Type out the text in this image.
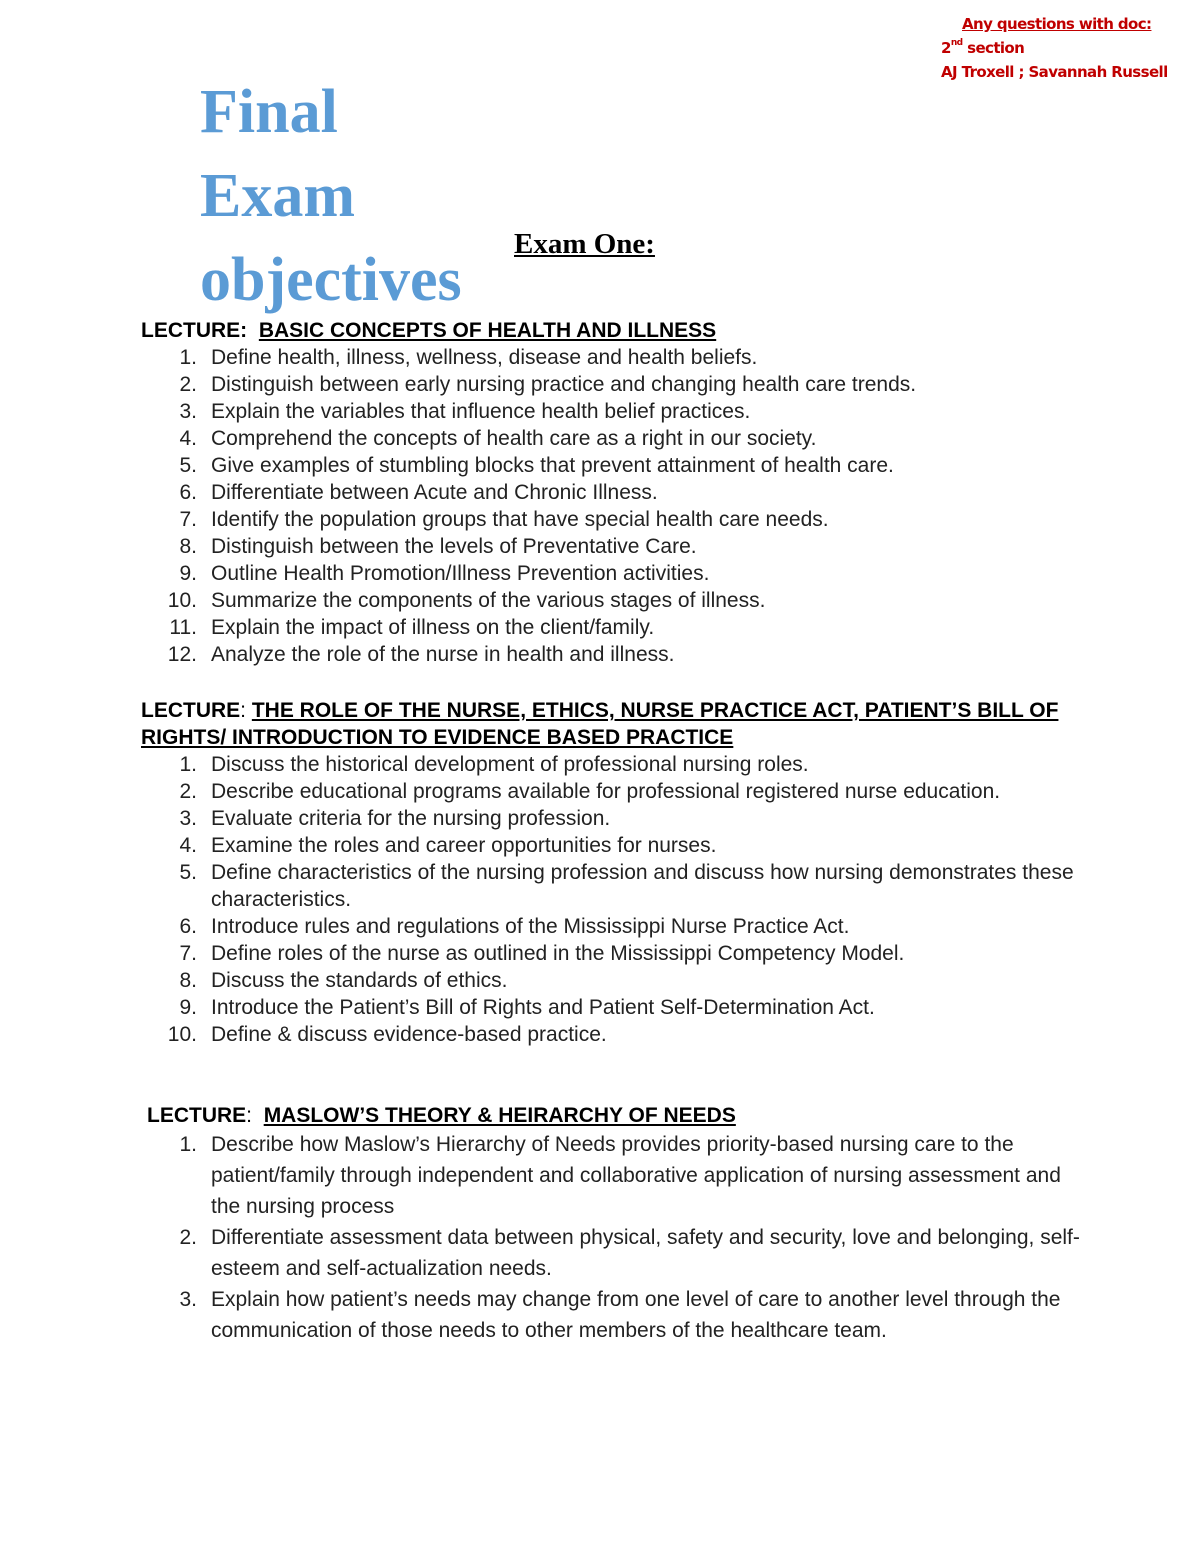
Any questions with doc:
2nd section
AJ Troxell ; Savannah Russell
Final Exam objectives
Exam One:

LECTURE: BASIC CONCEPTS OF HEALTH AND ILLNESS

1. Define health, illness, wellness, disease and health beliefs.
2. Distinguish between early nursing practice and changing health care trends.
3. Explain the variables that influence health belief practices.
4. Comprehend the concepts of health care as a right in our society.
5. Give examples of stumbling blocks that prevent attainment of health care.
6. Differentiate between Acute and Chronic Illness.
7. Identify the population groups that have special health care needs.
8. Distinguish between the levels of Preventative Care.
9. Outline Health Promotion/Illness Prevention activities.
10. Summarize the components of the various stages of illness.
11. Explain the impact of illness on the client/family.
12. Analyze the role of the nurse in health and illness.

LECTURE: THE ROLE OF THE NURSE, ETHICS, NURSE PRACTICE ACT, PATIENT’S BILL OF RIGHTS/ INTRODUCTION TO EVIDENCE BASED PRACTICE

1. Discuss the historical development of professional nursing roles.
2. Describe educational programs available for professional registered nurse education.
3. Evaluate criteria for the nursing profession.
4. Examine the roles and career opportunities for nurses.
5. Define characteristics of the nursing profession and discuss how nursing demonstrates these characteristics.
6. Introduce rules and regulations of the Mississippi Nurse Practice Act.
7. Define roles of the nurse as outlined in the Mississippi Competency Model.
8. Discuss the standards of ethics.
9. Introduce the Patient’s Bill of Rights and Patient Self-Determination Act.
10. Define & discuss evidence-based practice.

LECTURE:  MASLOW’S THEORY & HEIRARCHY OF NEEDS

1. Describe how Maslow’s Hierarchy of Needs provides priority-based nursing care to the patient/family through independent and collaborative application of nursing assessment and the nursing process
2. Differentiate assessment data between physical, safety and security, love and belonging, self-esteem and self-actualization needs.
3. Explain how patient’s needs may change from one level of care to another level through the communication of those needs to other members of the healthcare team.
